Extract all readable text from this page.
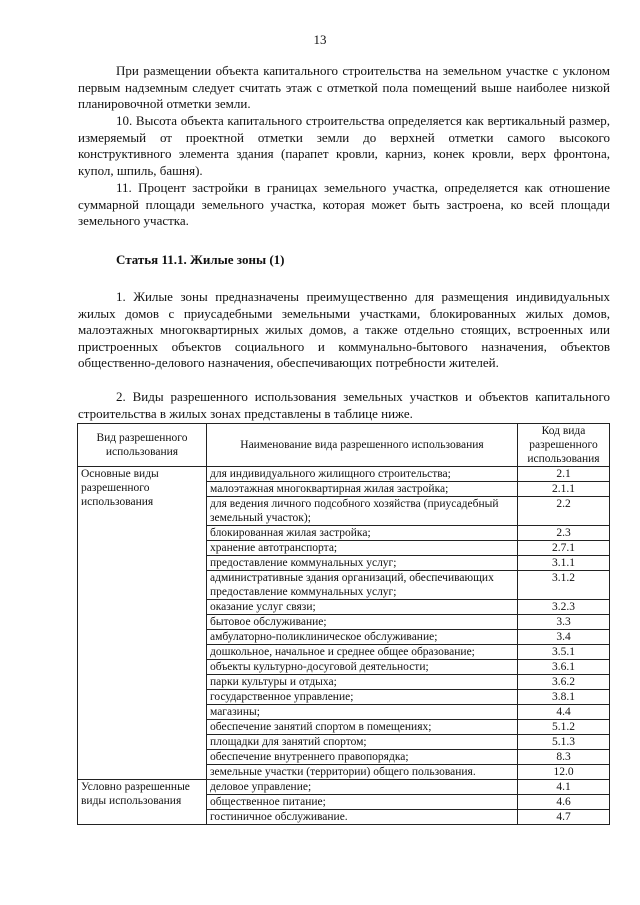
13

При размещении объекта капитального строительства на земельном участке с уклоном первым надземным следует считать этаж с отметкой пола помещений выше наиболее низкой планировочной отметки земли.

10. Высота объекта капитального строительства определяется как вертикальный размер, измеряемый от проектной отметки земли до верхней отметки самого высокого конструктивного элемента здания (парапет кровли, карниз, конек кровли, верх фронтона, купол, шпиль, башня).

11. Процент застройки в границах земельного участка, определяется как отношение суммарной площади земельного участка, которая может быть застроена, ко всей площади земельного участка.

Статья 11.1. Жилые зоны (1)

1. Жилые зоны предназначены преимущественно для размещения индивидуальных жилых домов с приусадебными земельными участками, блокированных жилых домов, малоэтажных многоквартирных жилых домов, а также отдельно стоящих, встроенных или пристроенных объектов социального и коммунально-бытового назначения, объектов общественно-делового назначения, обеспечивающих потребности жителей.

2. Виды разрешенного использования земельных участков и объектов капитального строительства в жилых зонах представлены в таблице ниже.

Вид разрешенного использования	Наименование вида разрешенного использования	Код вида разрешенного использования
Основные виды разрешенного использования	для индивидуального жилищного строительства;	2.1
	малоэтажная многоквартирная жилая застройка;	2.1.1
	для ведения личного подсобного хозяйства (приусадебный земельный участок);	2.2
	блокированная жилая застройка;	2.3
	хранение автотранспорта;	2.7.1
	предоставление коммунальных услуг;	3.1.1
	административные здания организаций, обеспечивающих предоставление коммунальных услуг;	3.1.2
	оказание услуг связи;	3.2.3
	бытовое обслуживание;	3.3
	амбулаторно-поликлиническое обслуживание;	3.4
	дошкольное, начальное и среднее общее образование;	3.5.1
	объекты культурно-досуговой деятельности;	3.6.1
	парки культуры и отдыха;	3.6.2
	государственное управление;	3.8.1
	магазины;	4.4
	обеспечение занятий спортом в помещениях;	5.1.2
	площадки для занятий спортом;	5.1.3
	обеспечение внутреннего правопорядка;	8.3
	земельные участки (территории) общего пользования.	12.0
Условно разрешенные виды использования	деловое управление;	4.1
	общественное питание;	4.6
	гостиничное обслуживание.	4.7
